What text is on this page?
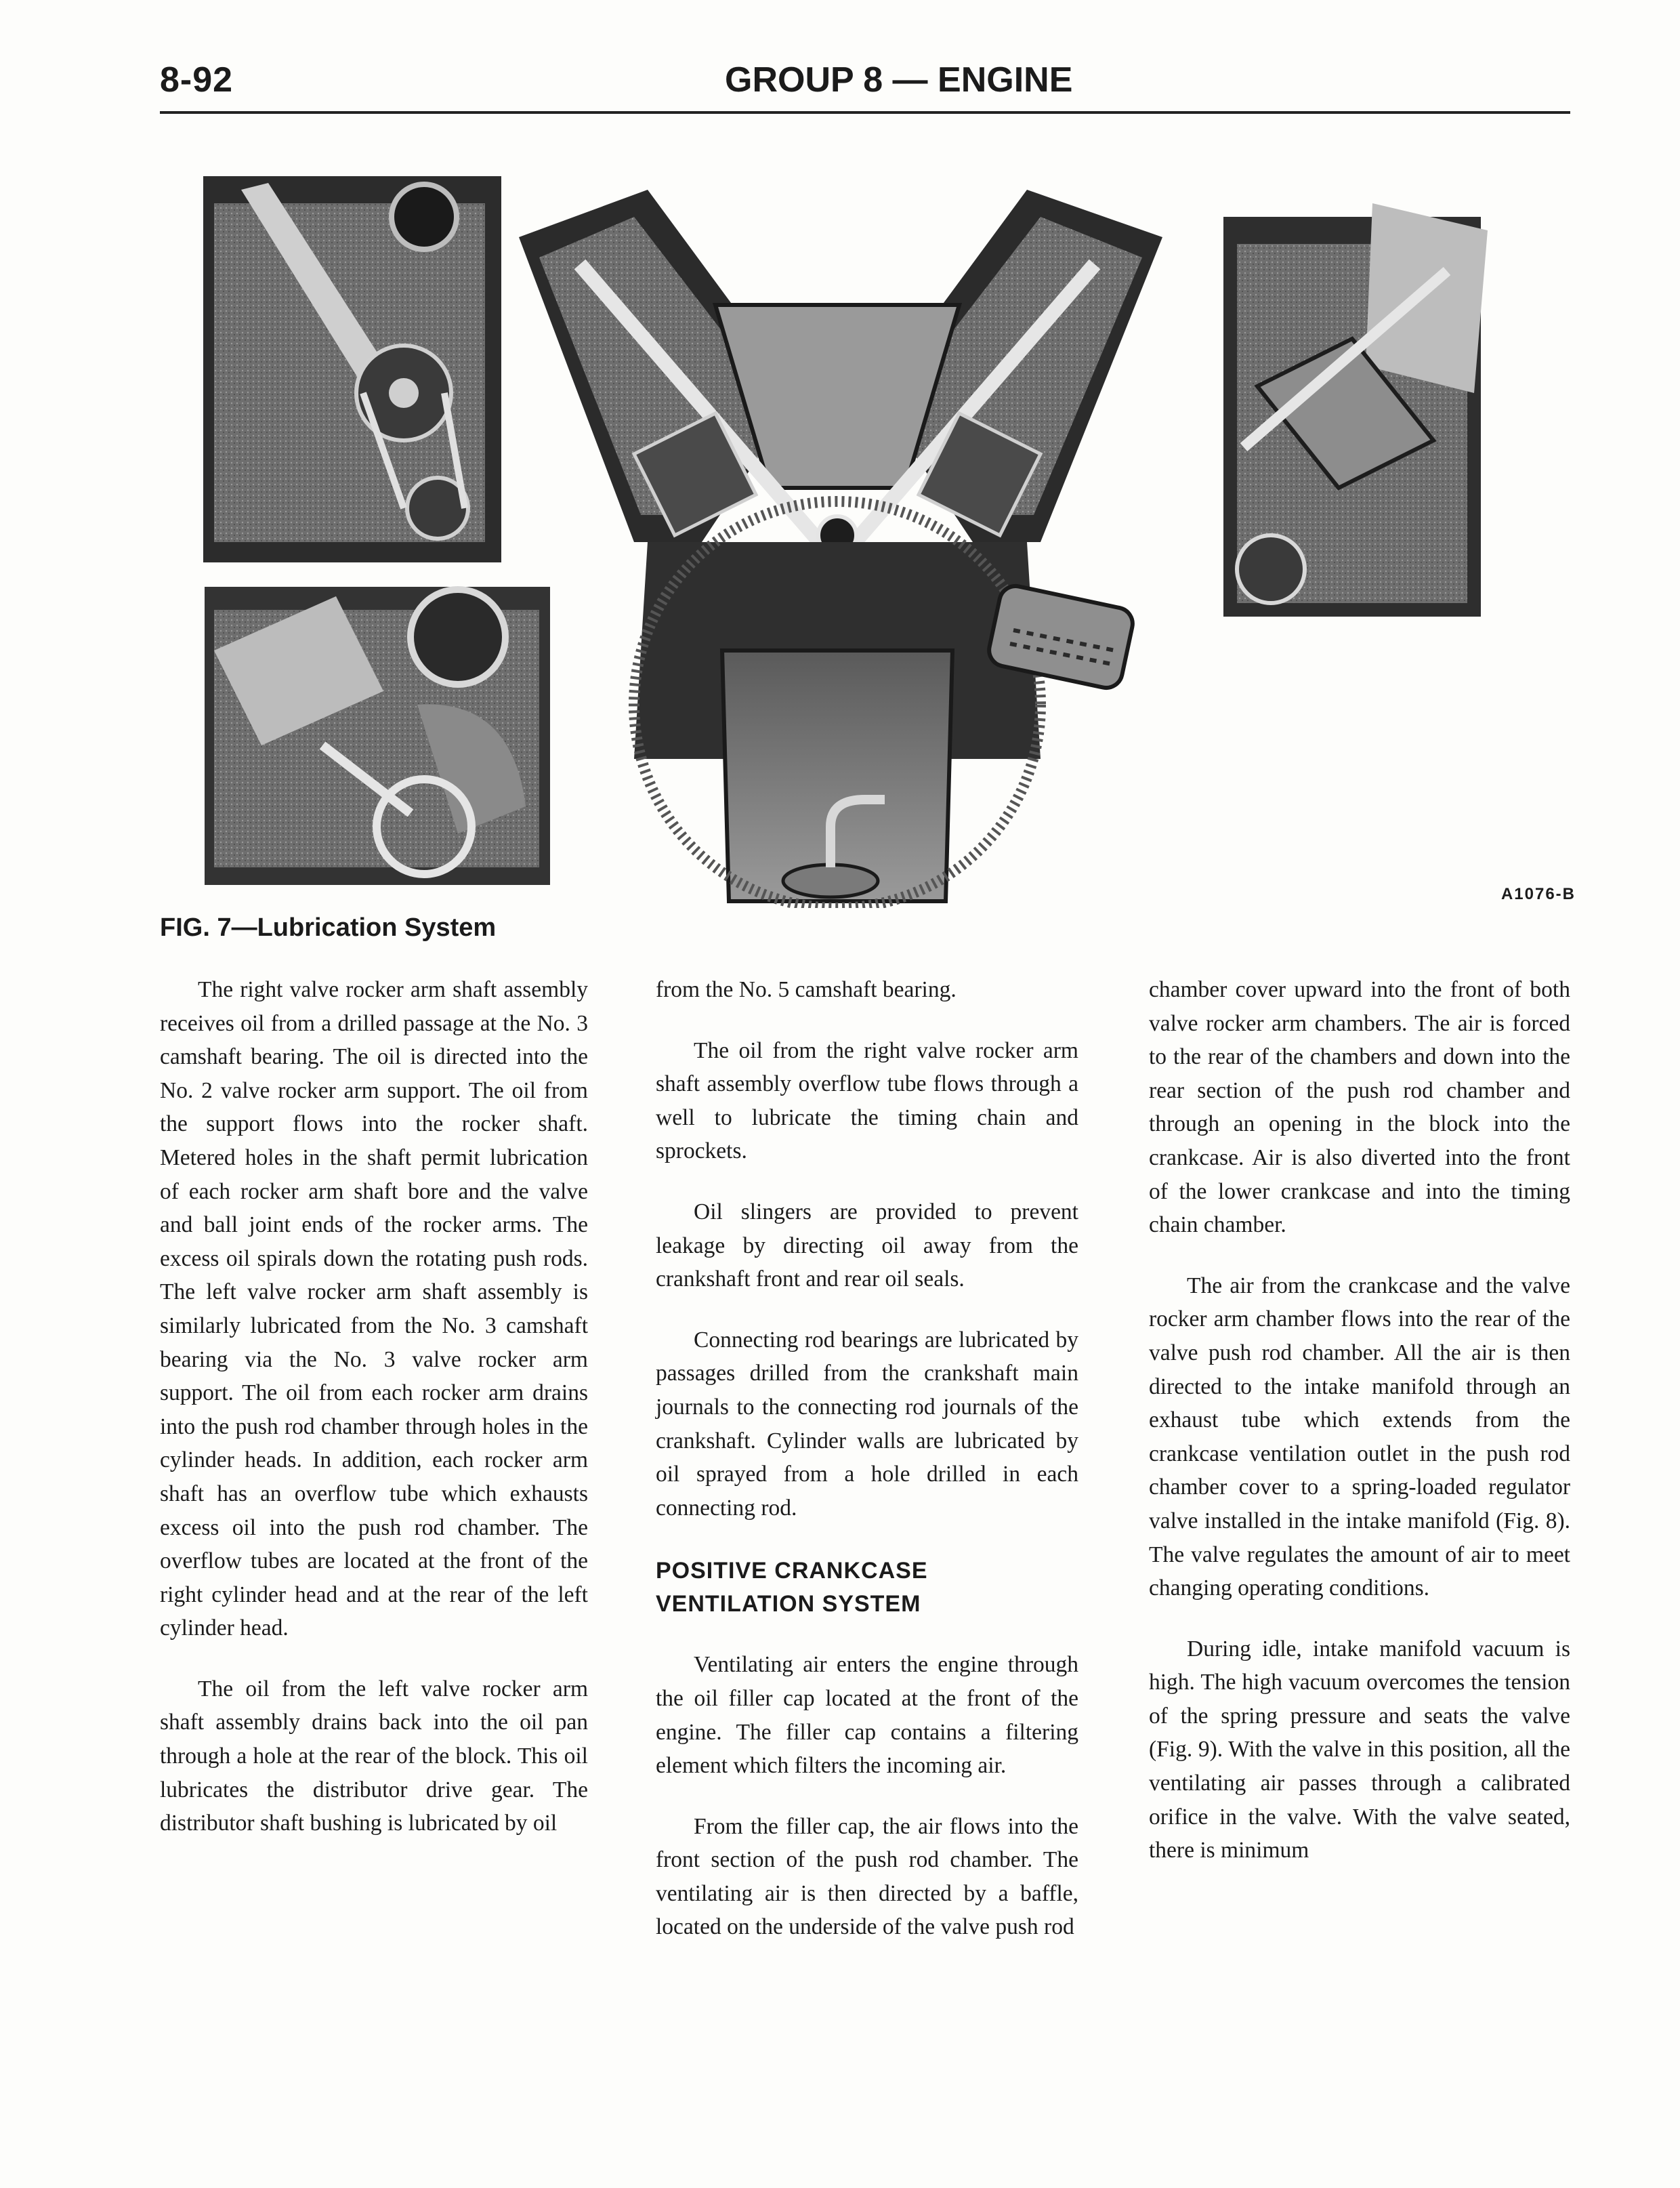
8-92	GROUP 8 — ENGINE
A1076-B
FIG. 7—Lubrication System

The right valve rocker arm shaft assembly receives oil from a drilled passage at the No. 3 camshaft bearing. The oil is directed into the No. 2 valve rocker arm support. The oil from the support flows into the rocker shaft. Metered holes in the shaft permit lubrication of each rocker arm shaft bore and the valve and ball joint ends of the rocker arms. The excess oil spirals down the rotating push rods. The left valve rocker arm shaft assembly is similarly lubricated from the No. 3 camshaft bearing via the No. 3 valve rocker arm support. The oil from each rocker arm drains into the push rod chamber through holes in the cylinder heads. In addition, each rocker arm shaft has an overflow tube which exhausts excess oil into the push rod chamber. The overflow tubes are located at the front of the right cylinder head and at the rear of the left cylinder head.

The oil from the left valve rocker arm shaft assembly drains back into the oil pan through a hole at the rear of the block. This oil lubricates the distributor drive gear. The distributor shaft bushing is lubricated by oil

from the No. 5 camshaft bearing.

The oil from the right valve rocker arm shaft assembly overflow tube flows through a well to lubricate the timing chain and sprockets.

Oil slingers are provided to prevent leakage by directing oil away from the crankshaft front and rear oil seals.

Connecting rod bearings are lubricated by passages drilled from the crankshaft main journals to the connecting rod journals of the crankshaft. Cylinder walls are lubricated by oil sprayed from a hole drilled in each connecting rod.

POSITIVE CRANKCASE
VENTILATION SYSTEM

Ventilating air enters the engine through the oil filler cap located at the front of the engine. The filler cap contains a filtering element which filters the incoming air.

From the filler cap, the air flows into the front section of the push rod chamber. The ventilating air is then directed by a baffle, located on the underside of the valve push rod

chamber cover upward into the front of both valve rocker arm chambers. The air is forced to the rear of the chambers and down into the rear section of the push rod chamber and through an opening in the block into the crankcase. Air is also diverted into the front of the lower crankcase and into the timing chain chamber.

The air from the crankcase and the valve rocker arm chamber flows into the rear of the valve push rod chamber. All the air is then directed to the intake manifold through an exhaust tube which extends from the crankcase ventilation outlet in the push rod chamber cover to a spring-loaded regulator valve installed in the intake manifold (Fig. 8). The valve regulates the amount of air to meet changing operating conditions.

During idle, intake manifold vacuum is high. The high vacuum overcomes the tension of the spring pressure and seats the valve (Fig. 9). With the valve in this position, all the ventilating air passes through a calibrated orifice in the valve. With the valve seated, there is minimum
